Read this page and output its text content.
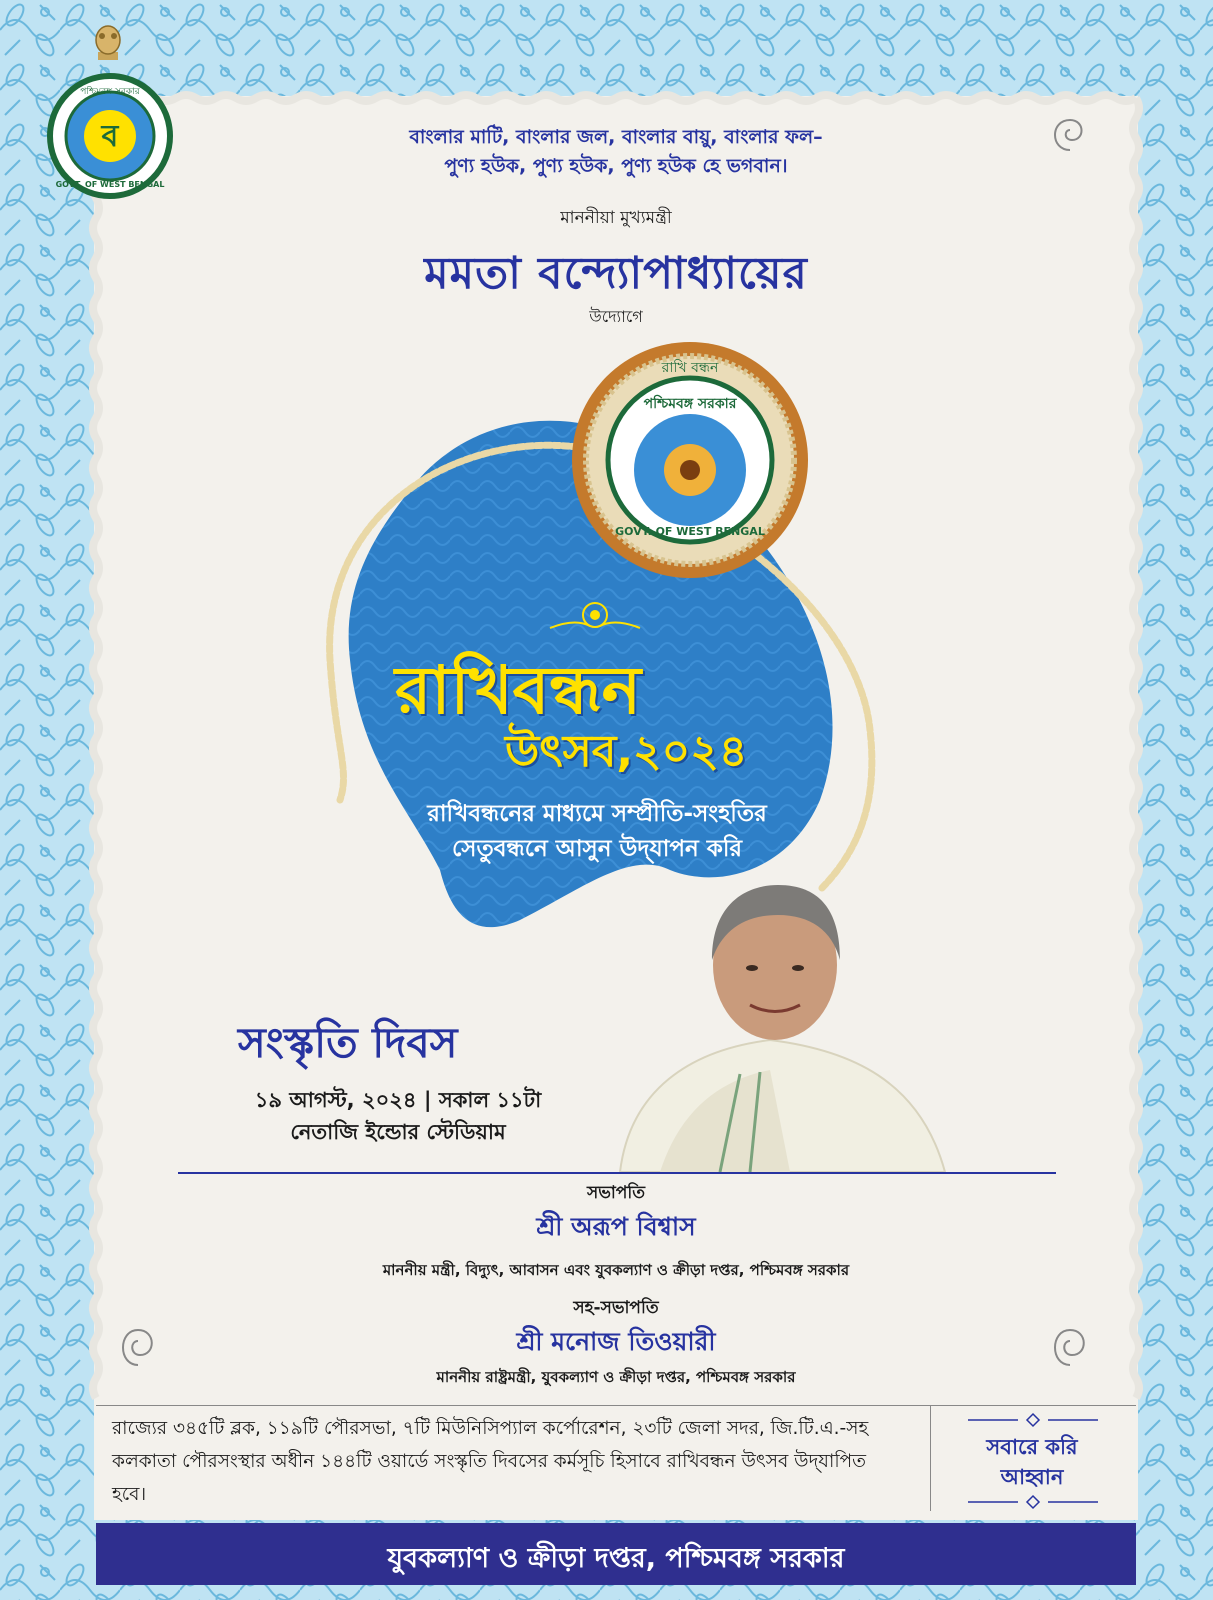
ব
পশ্চিমবঙ্গ সরকার
GOVT. OF WEST BENGAL
বাংলার মাটি, বাংলার জল, বাংলার বায়ু, বাংলার ফল–
পুণ্য হউক, পুণ্য হউক, পুণ্য হউক হে ভগবান।
মাননীয়া মুখ্যমন্ত্রী
মমতা বন্দ্যোপাধ্যায়ের
উদ্যোগে
রাখি বন্ধন
পশ্চিমবঙ্গ সরকার
GOVT. OF WEST BENGAL
রাখিবন্ধন
উৎসব,২০২৪
রাখিবন্ধনের মাধ্যমে সম্প্রীতি-সংহতির
সেতুবন্ধনে আসুন উদ্‌যাপন করি
সংস্কৃতি দিবস
১৯ আগস্ট, ২০২৪ | সকাল ১১টা
নেতাজি ইন্ডোর স্টেডিয়াম
সভাপতি
শ্রী অরূপ বিশ্বাস
মাননীয় মন্ত্রী, বিদ্যুৎ, আবাসন এবং যুবকল্যাণ ও ক্রীড়া দপ্তর, পশ্চিমবঙ্গ সরকার
সহ-সভাপতি
শ্রী মনোজ তিওয়ারী
মাননীয় রাষ্ট্রমন্ত্রী, যুবকল্যাণ ও ক্রীড়া দপ্তর, পশ্চিমবঙ্গ সরকার
রাজ্যের ৩৪৫টি ব্লক, ১১৯টি পৌরসভা, ৭টি মিউনিসিপ্যাল কর্পোরেশন, ২৩টি জেলা সদর, জি.টি.এ.-সহ কলকাতা পৌরসংস্থার অধীন ১৪৪টি ওয়ার্ডে সংস্কৃতি দিবসের কর্মসূচি হিসাবে রাখিবন্ধন উৎসব উদ্‌যাপিত হবে।
সবারে করি
আহ্বান
যুবকল্যাণ ও ক্রীড়া দপ্তর, পশ্চিমবঙ্গ সরকার
